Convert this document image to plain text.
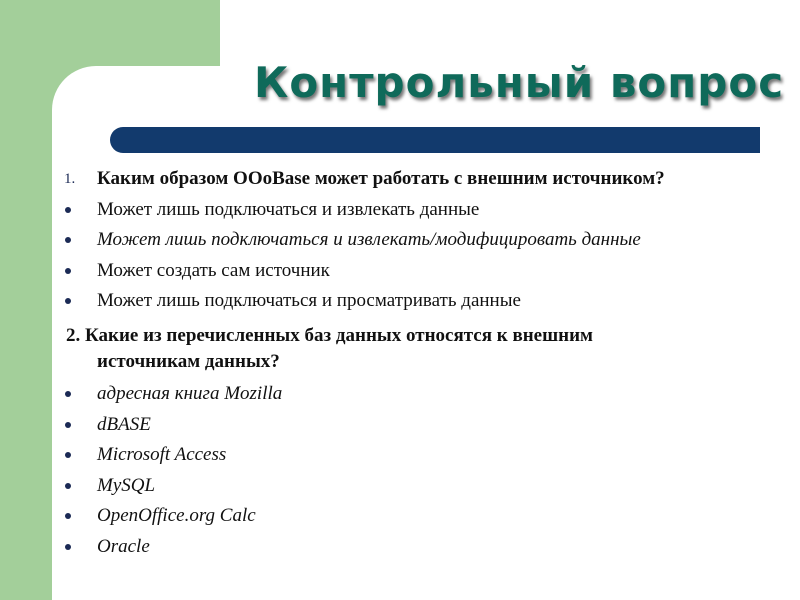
Контрольный вопрос
1. Каким образом OOoBase может работать с внешним источником?
Может лишь подключаться и извлекать данные
Может лишь подключаться и извлекать/модифицировать данные
Может создать сам источник
Может лишь подключаться и просматривать данные
2. Какие из перечисленных баз данных относятся к внешним
источникам данных?
адресная книга Mozilla
dBASE
Microsoft Access
MySQL
OpenOffice.org Calc
Oracle
